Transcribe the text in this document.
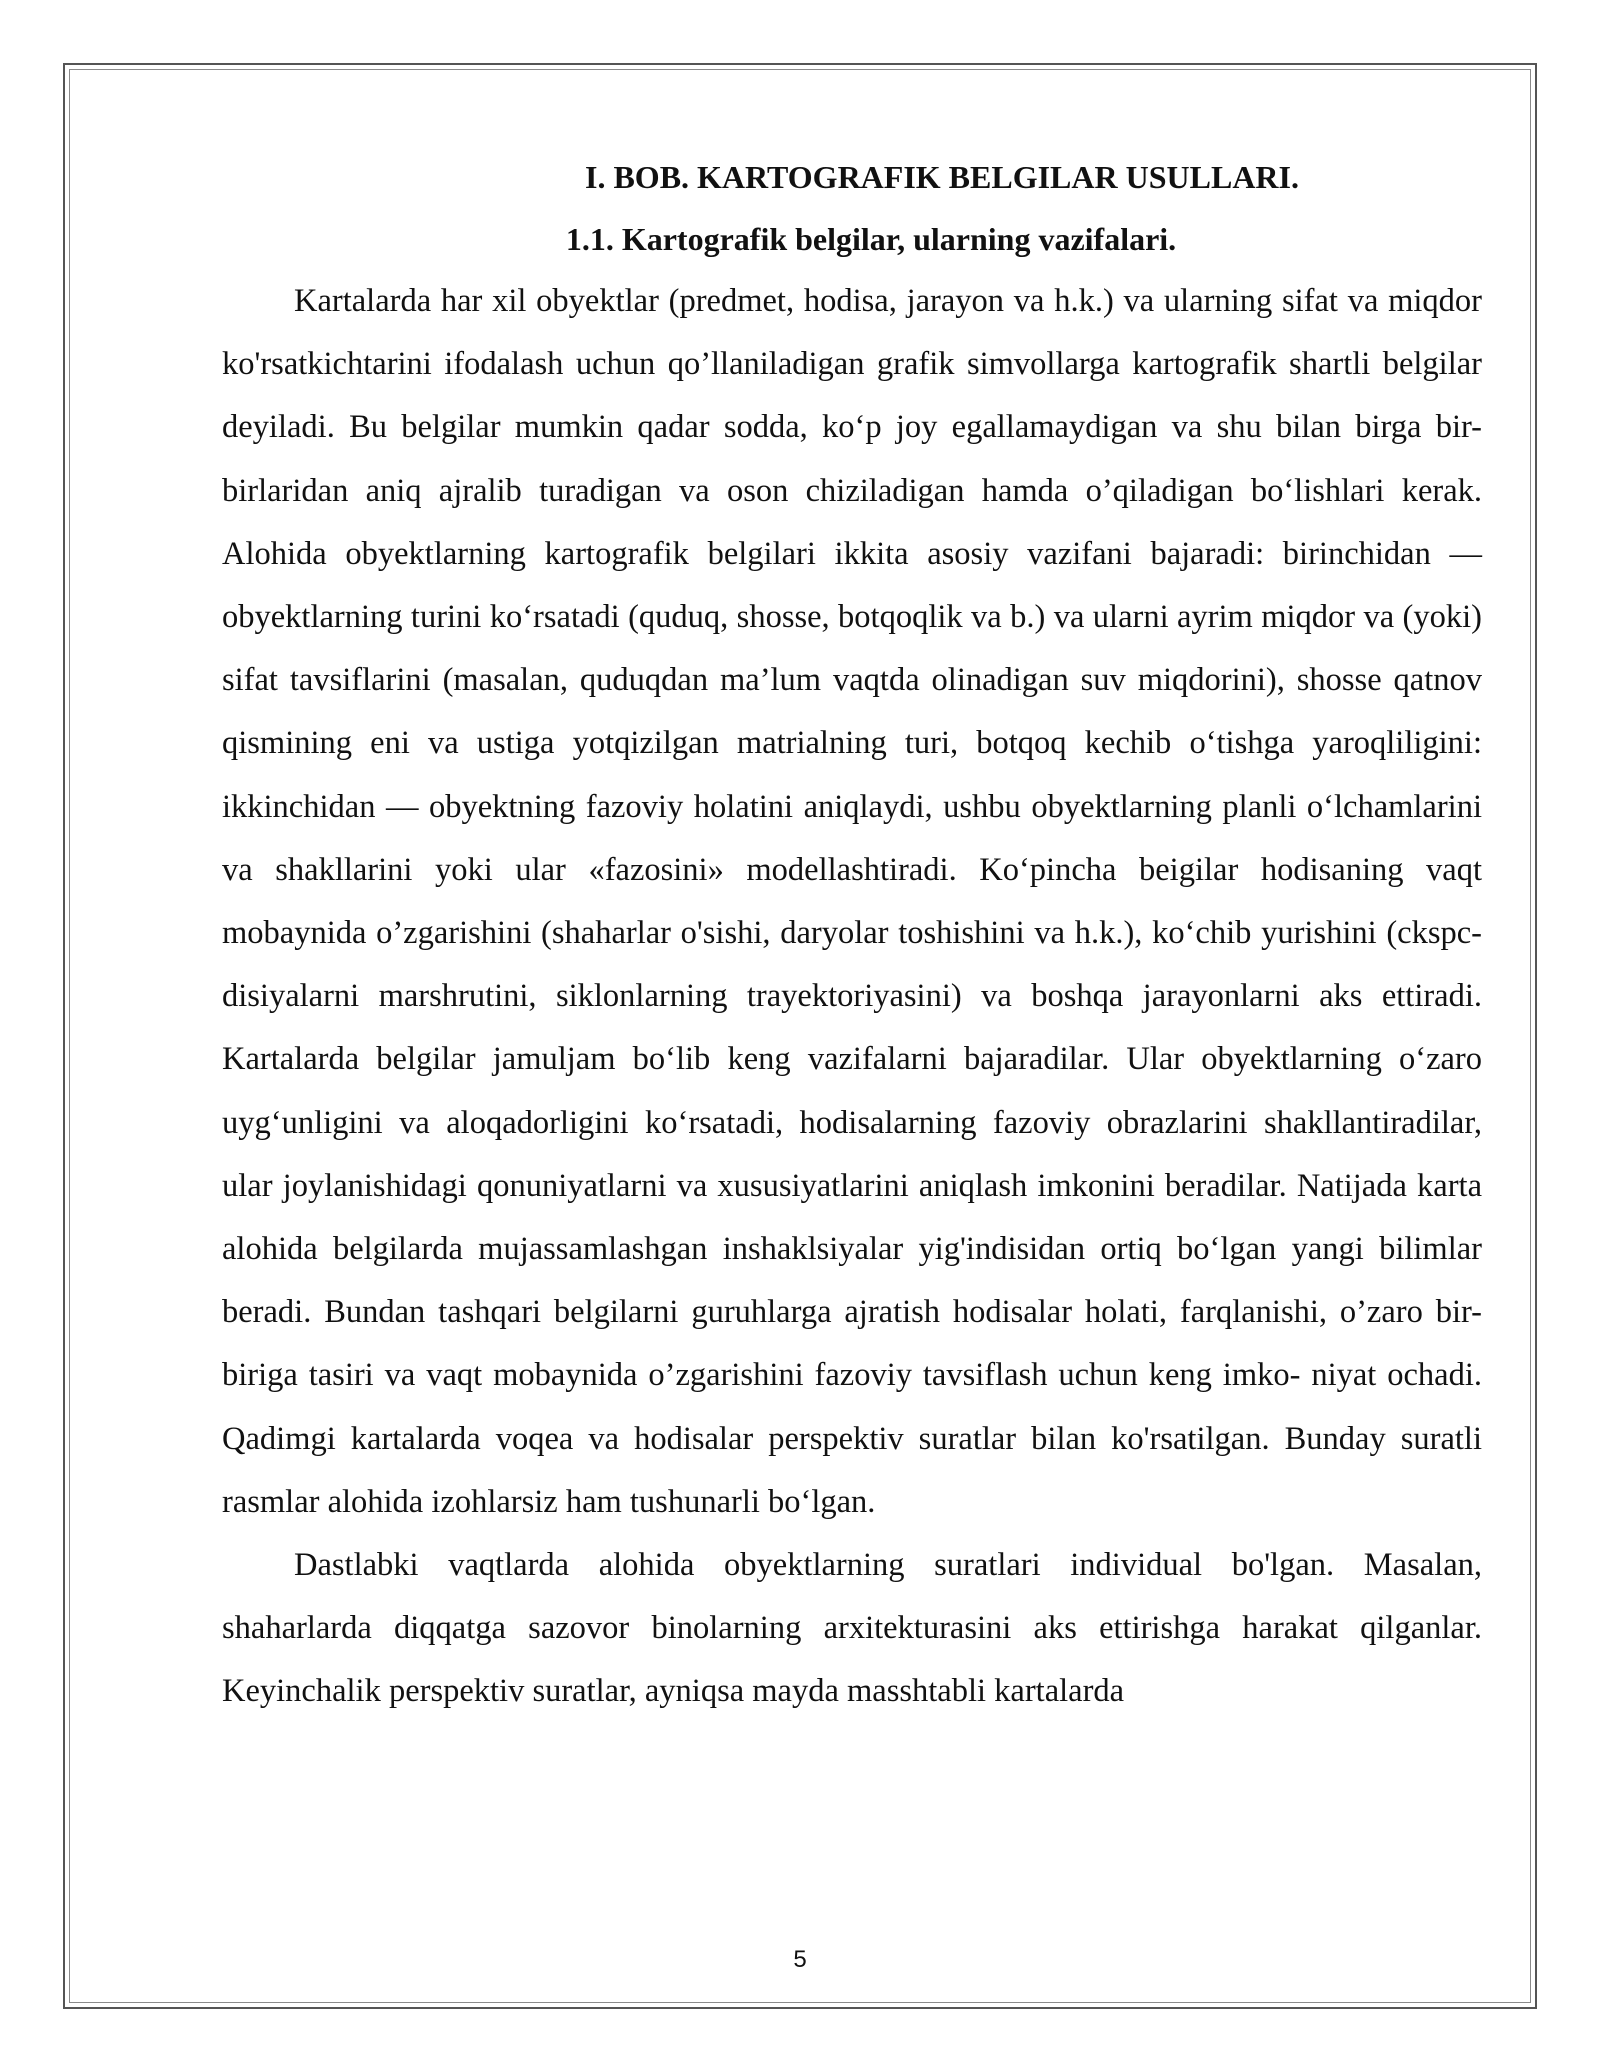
I. BOB. KARTOGRAFIK BELGILAR USULLARI.
1.1. Kartografik belgilar, ularning vazifalari.

Kartalarda har xil obyektlar (predmet, hodisa, jarayon va h.k.) va ularning sifat va miqdor ko'rsatkichtarini ifodalash uchun qo’llaniladigan grafik simvollarga kartografik shartli belgilar deyiladi. Bu belgilar mumkin qadar sodda, ko‘p joy egallamaydigan va shu bilan birga bir-birlaridan aniq ajralib turadigan va oson chiziladigan hamda o’qiladigan bo‘lishlari kerak. Alohida obyektlarning kartografik belgilari ikkita asosiy vazifani bajaradi: birinchidan — obyektlarning turini ko‘rsatadi (quduq, shosse, botqoqlik va b.) va ularni ayrim miqdor va (yoki) sifat tavsiflarini (masalan, quduqdan ma’lum vaqtda olinadigan suv miqdorini), shosse qatnov qismining eni va ustiga yotqizilgan matrialning turi, botqoq kechib o‘tishga yaroqliligini: ikkinchidan — obyektning fazoviy holatini aniqlaydi, ushbu obyektlarning planli o‘lchamlarini va shakllarini yoki ular «fazosini» modellashtiradi. Ko‘pincha beigilar hodisaning vaqt mobaynida o’zgarishini (shaharlar o'sishi, daryolar toshishini va h.k.), ko‘chib yurishini (ckspc- disiyalarni marshrutini, siklonlarning trayektoriyasini) va boshqa jarayonlarni aks ettiradi. Kartalarda belgilar jamuljam bo‘lib keng vazifalarni bajaradilar. Ular obyektlarning o‘zaro uyg‘unligini va aloqadorligini ko‘rsatadi, hodisalarning fazoviy obrazlarini shakllantiradilar, ular joylanishidagi qonuniyatlarni va xususiyatlarini aniqlash imkonini beradilar. Natijada karta alohida belgilarda mujassamlashgan inshaklsiyalar yig'indisidan ortiq bo‘lgan yangi bilimlar beradi. Bundan tashqari belgilarni guruhlarga ajratish hodisalar holati, farqlanishi, o’zaro bir-biriga tasiri va vaqt mobaynida o’zgarishini fazoviy tavsiflash uchun keng imko- niyat ochadi. Qadimgi kartalarda voqea va hodisalar perspektiv suratlar bilan ko'rsatilgan. Bunday suratli rasmlar alohida izohlarsiz ham tushunarli bo‘lgan.

Dastlabki vaqtlarda alohida obyektlarning suratlari individual bo'lgan. Masalan, shaharlarda diqqatga sazovor binolarning arxitekturasini aks ettirishga harakat qilganlar. Keyinchalik perspektiv suratlar, ayniqsa mayda masshtabli kartalarda

5
